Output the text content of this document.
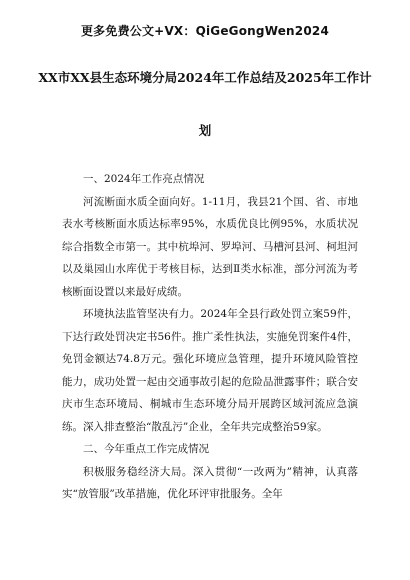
更多免费公文+VX：QiGeGongWen2024
XX市XX县生态环境分局2024年工作总结及2025年工作计
划

一、2024年工作亮点情况

河流断面水质全面向好。1-11月，我县21个国、省、市地表水考核断面水质达标率95%，水质优良比例95%，水质状况综合指数全市第一。其中杭埠河、罗埠河、马槽河县河、柯坦河以及巢园山水库优于考核目标，达到Ⅱ类水标准，部分河流为考核断面设置以来最好成绩。

环境执法监管坚决有力。2024年全县行政处罚立案59件，下达行政处罚决定书56件。推广柔性执法，实施免罚案件4件，免罚金额达74.8万元。强化环境应急管理，提升环境风险管控能力，成功处置一起由交通事故引起的危险品泄露事件；联合安庆市生态环境局、桐城市生态环境分局开展跨区域河流应急演练。深入排查整治“散乱污”企业，全年共完成整治59家。

二、今年重点工作完成情况

积极服务稳经济大局。深入贯彻“一改两为”精神，认真落实“放管服”改革措施，优化环评审批服务。全年
